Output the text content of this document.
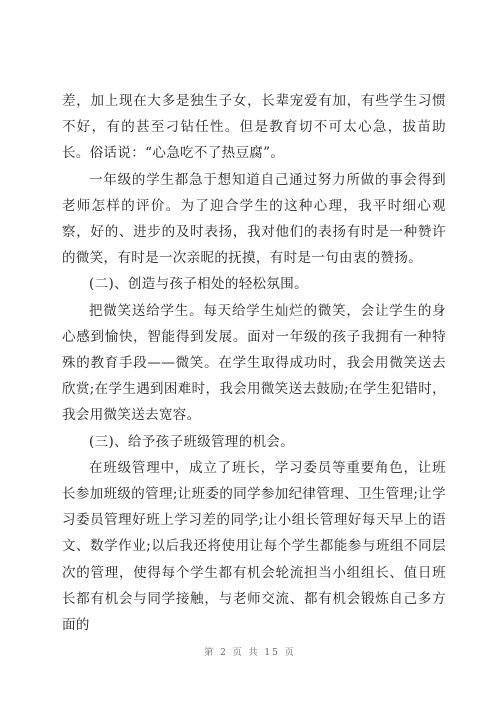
差，加上现在大多是独生子女，长辈宠爱有加，有些学生习惯不好，有的甚至刁钻任性。但是教育切不可太心急，拔苗助长。俗话说：“心急吃不了热豆腐”。

一年级的学生都急于想知道自己通过努力所做的事会得到老师怎样的评价。为了迎合学生的这种心理，我平时细心观察，好的、进步的及时表扬，我对他们的表扬有时是一种赞许的微笑，有时是一次亲昵的抚摸，有时是一句由衷的赞扬。

(二)、创造与孩子相处的轻松氛围。

把微笑送给学生。每天给学生灿烂的微笑，会让学生的身心感到愉快，智能得到发展。面对一年级的孩子我拥有一种特殊的教育手段——微笑。在学生取得成功时，我会用微笑送去欣赏;在学生遇到困难时，我会用微笑送去鼓励;在学生犯错时，我会用微笑送去宽容。

(三)、给予孩子班级管理的机会。

在班级管理中，成立了班长，学习委员等重要角色，让班长参加班级的管理;让班委的同学参加纪律管理、卫生管理;让学习委员管理好班上学习差的同学;让小组长管理好每天早上的语文、数学作业;以后我还将使用让每个学生都能参与班组不同层次的管理，使得每个学生都有机会轮流担当小组组长、值日班长都有机会与同学接触，与老师交流、都有机会锻炼自己多方面的

第 2 页 共 15 页
